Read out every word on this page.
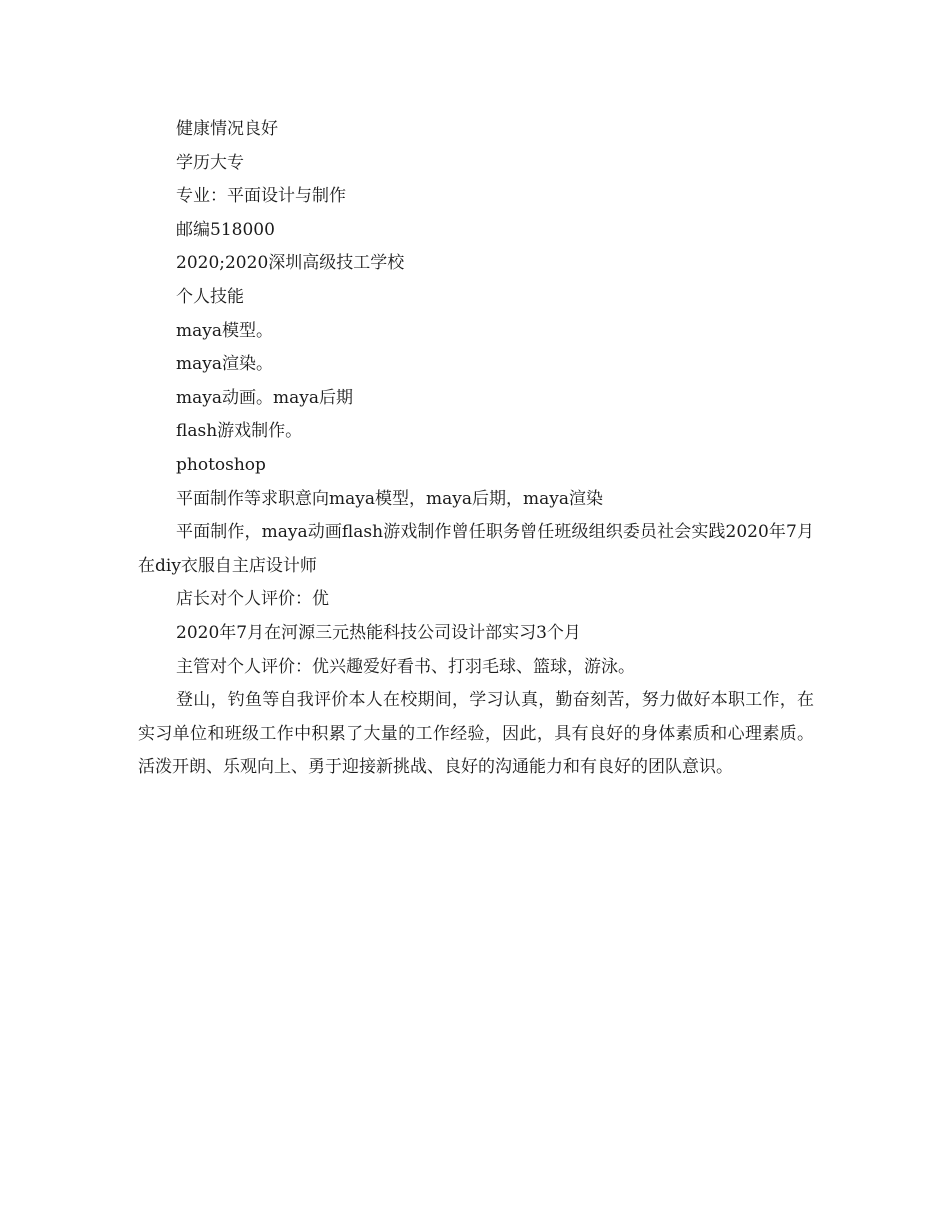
健康情况良好

学历大专

专业：平面设计与制作

邮编518000

2020;2020深圳高级技工学校

个人技能

maya模型。

maya渲染。

maya动画。maya后期

flash游戏制作。

photoshop

平面制作等求职意向maya模型，maya后期，maya渲染

平面制作，maya动画flash游戏制作曾任职务曾任班级组织委员社会实践2020年7月在diy衣服自主店设计师

店长对个人评价：优

2020年7月在河源三元热能科技公司设计部实习3个月

主管对个人评价：优兴趣爱好看书、打羽毛球、篮球，游泳。

登山，钓鱼等自我评价本人在校期间，学习认真，勤奋刻苦，努力做好本职工作，在实习单位和班级工作中积累了大量的工作经验，因此，具有良好的身体素质和心理素质。活泼开朗、乐观向上、勇于迎接新挑战、良好的沟通能力和有良好的团队意识。
